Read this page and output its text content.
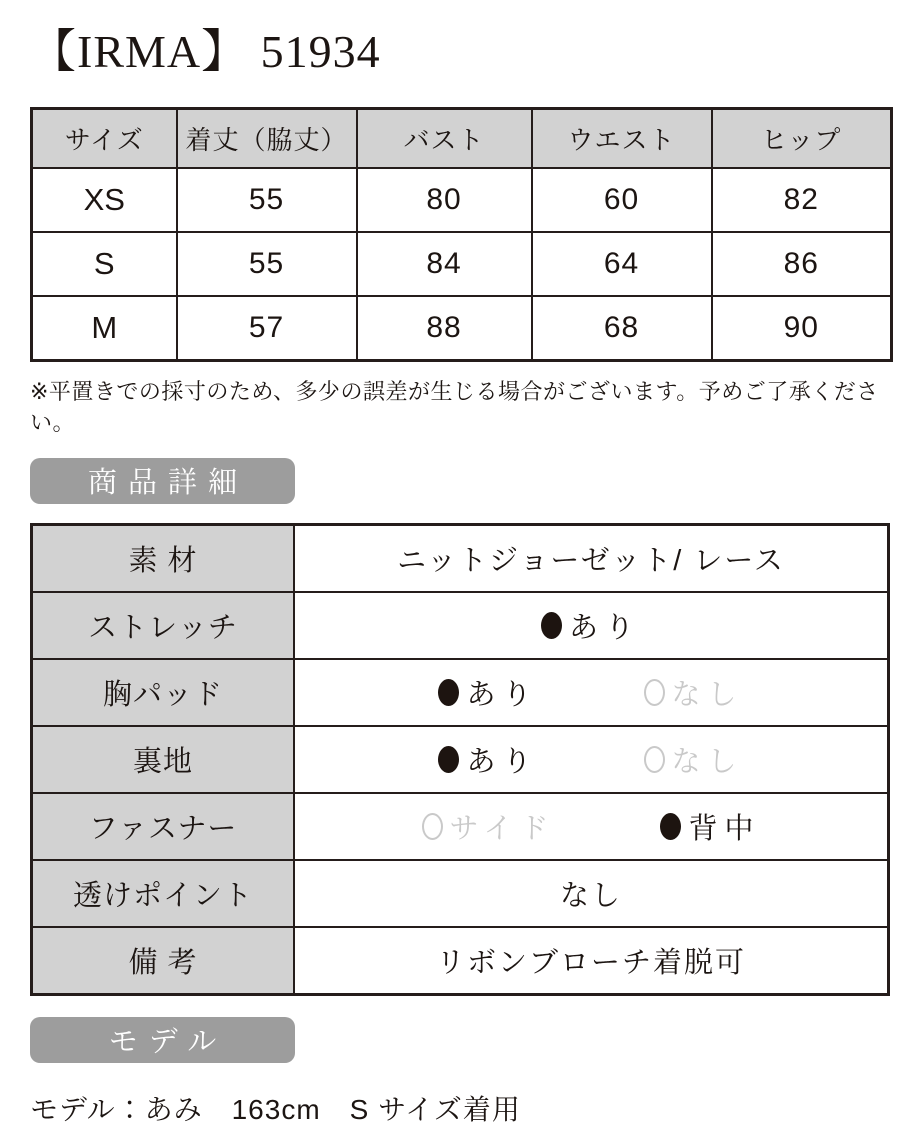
【IRMA】 51934
サイズ	着丈（脇丈）	バスト	ウエスト	ヒップ
XS	55	80	60	82
S	55	84	64	86
M	57	88	68	90

※平置きでの採寸のため、多少の誤差が生じる場合がございます。予めご了承ください。

商品詳細
素 材	ニットジョーゼット/ レース
ストレッチ	あり

胸パッド	あり なし

裏地	あり なし

ファスナー	サイド 背中

透けポイント	なし
備 考	リボンブローチ着脱可
モデル

モデル：あみ　163cm　S サイズ着用
